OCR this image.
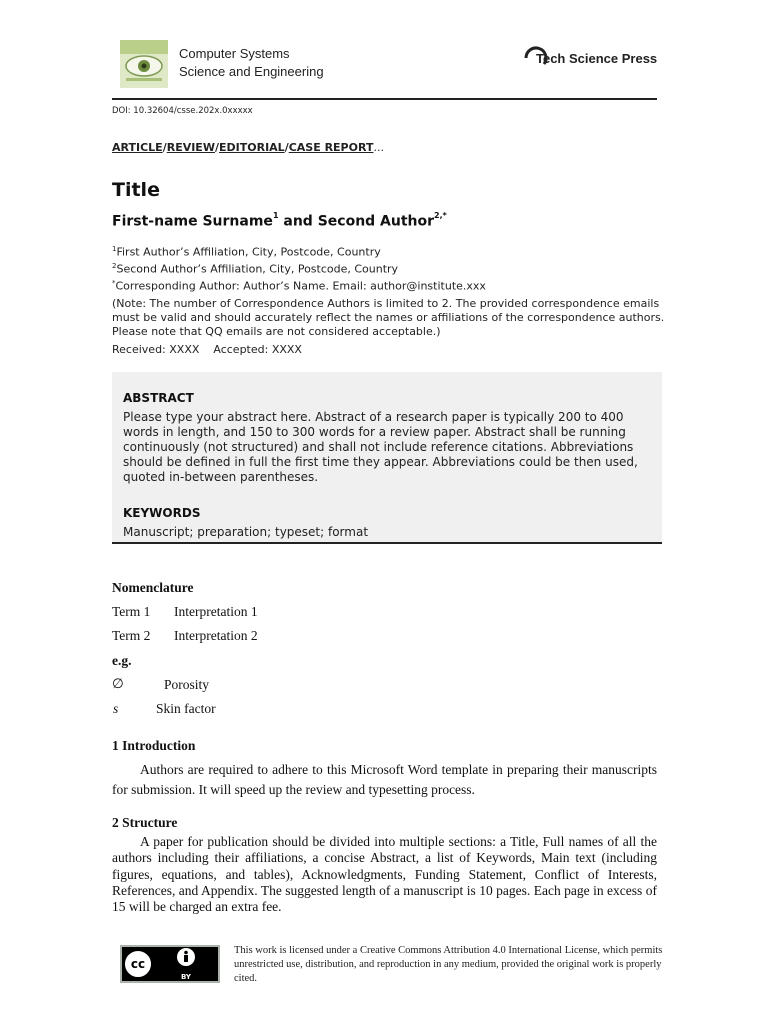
Computer Systems
Science and Engineering
Tech Science Press
DOI: 10.32604/csse.202x.0xxxxx
ARTICLE/REVIEW/EDITORIAL/CASE REPORT...
Title
First-name Surname$^1$ and Second Author$^{2,*}$
$^1$First Author’s Affiliation, City, Postcode, Country
$^2$Second Author’s Affiliation, City, Postcode, Country
*Corresponding Author: Author’s Name. Email: author@institute.xxx
(Note: The number of Correspondence Authors is limited to 2. The provided correspondence emails must be valid and should accurately reflect the names or affiliations of the correspondence authors. Please note that QQ emails are not considered acceptable.)
Received: XXXX    Accepted: XXXX
ABSTRACT
Please type your abstract here. Abstract of a research paper is typically 200 to 400 words in length, and 150 to 300 words for a review paper. Abstract shall be running continuously (not structured) and shall not include reference citations. Abbreviations should be defined in full the first time they appear. Abbreviations could be then used, quoted in-between parentheses.
KEYWORDS
Manuscript; preparation; typeset; format
Nomenclature
Term 1 Interpretation 1
Term 2 Interpretation 2
e.g.
∅	Porosity
s	Skin factor
1 Introduction
Authors are required to adhere to this Microsoft Word template in preparing their manuscripts for submission. It will speed up the review and typesetting process.
2 Structure
A paper for publication should be divided into multiple sections: a Title, Full names of all the authors including their affiliations, a concise Abstract, a list of Keywords, Main text (including figures, equations, and tables), Acknowledgments, Funding Statement, Conflict of Interests, References, and Appendix. The suggested length of a manuscript is 10 pages. Each page in excess of 15 will be charged an extra fee.
cc
BY
This work is licensed under a Creative Commons Attribution 4.0 International License, which permits unrestricted use, distribution, and reproduction in any medium, provided the original work is properly cited.
